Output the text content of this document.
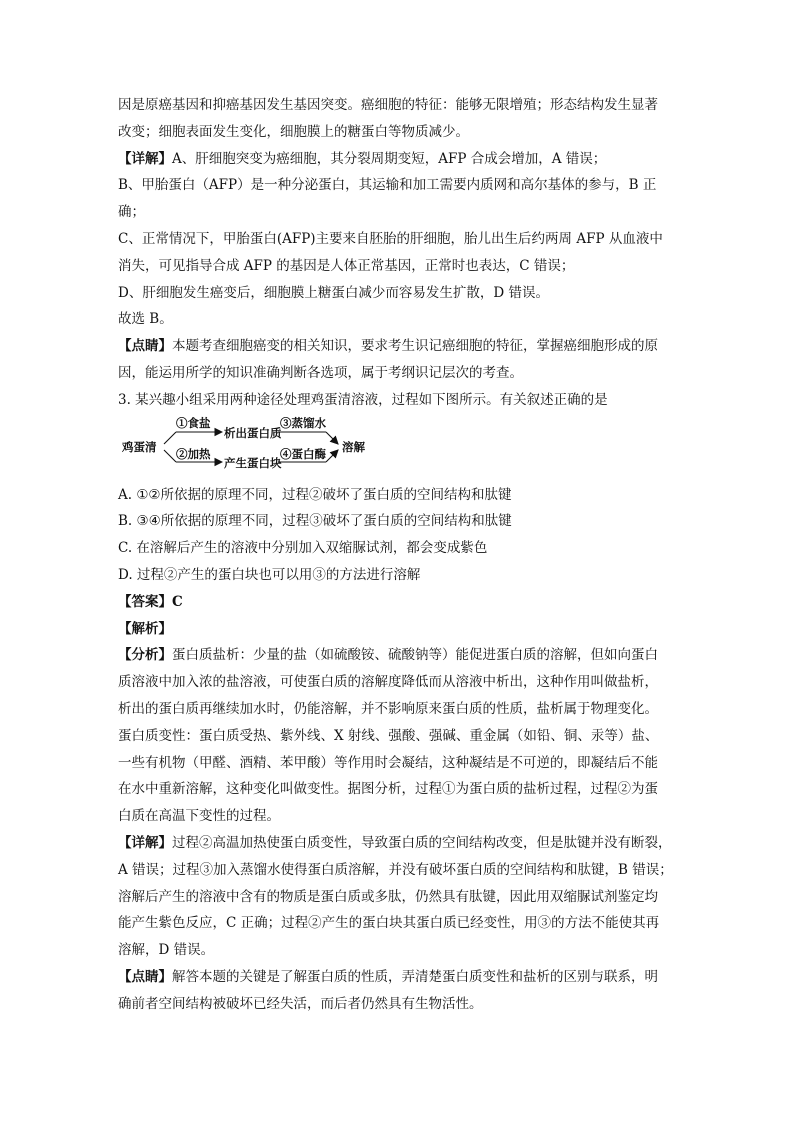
因是原癌基因和抑癌基因发生基因突变。癌细胞的特征：能够无限增殖；形态结构发生显著
改变；细胞表面发生变化，细胞膜上的糖蛋白等物质减少。
【详解】A、肝细胞突变为癌细胞，其分裂周期变短，AFP 合成会增加，A 错误；
B、甲胎蛋白（AFP）是一种分泌蛋白，其运输和加工需要内质网和高尔基体的参与，B 正
确；
C、正常情况下，甲胎蛋白(AFP)主要来自胚胎的肝细胞，胎儿出生后约两周 AFP 从血液中
消失，可见指导合成 AFP 的基因是人体正常基因，正常时也表达，C 错误；
D、肝细胞发生癌变后，细胞膜上糖蛋白减少而容易发生扩散，D 错误。
故选 B。
【点睛】本题考查细胞癌变的相关知识，要求考生识记癌细胞的特征，掌握癌细胞形成的原
因，能运用所学的知识准确判断各选项，属于考纲识记层次的考查。
3. 某兴趣小组采用两种途径处理鸡蛋清溶液，过程如下图所示。有关叙述正确的是
鸡蛋清
①食盐
析出蛋白质
②加热
产生蛋白块
③蒸馏水
④蛋白酶 溶解
A. ①②所依据的原理不同，过程②破坏了蛋白质的空间结构和肽键
B. ③④所依据的原理不同，过程③破坏了蛋白质的空间结构和肽键
C. 在溶解后产生的溶液中分别加入双缩脲试剂，都会变成紫色
D. 过程②产生的蛋白块也可以用③的方法进行溶解
【答案】C
【解析】
【分析】蛋白质盐析：少量的盐（如硫酸铵、硫酸钠等）能促进蛋白质的溶解，但如向蛋白
质溶液中加入浓的盐溶液，可使蛋白质的溶解度降低而从溶液中析出，这种作用叫做盐析，
析出的蛋白质再继续加水时，仍能溶解，并不影响原来蛋白质的性质，盐析属于物理变化。
蛋白质变性：蛋白质受热、紫外线、X 射线、强酸、强碱、重金属（如铅、铜、汞等）盐、
一些有机物（甲醛、酒精、苯甲酸）等作用时会凝结，这种凝结是不可逆的，即凝结后不能
在水中重新溶解，这种变化叫做变性。据图分析，过程①为蛋白质的盐析过程，过程②为蛋
白质在高温下变性的过程。
【详解】过程②高温加热使蛋白质变性，导致蛋白质的空间结构改变，但是肽键并没有断裂，
A 错误；过程③加入蒸馏水使得蛋白质溶解，并没有破坏蛋白质的空间结构和肽键，B 错误；
溶解后产生的溶液中含有的物质是蛋白质或多肽，仍然具有肽键，因此用双缩脲试剂鉴定均
能产生紫色反应，C 正确；过程②产生的蛋白块其蛋白质已经变性，用③的方法不能使其再
溶解，D 错误。
【点睛】解答本题的关键是了解蛋白质的性质，弄清楚蛋白质变性和盐析的区别与联系，明
确前者空间结构被破坏已经失活，而后者仍然具有生物活性。
